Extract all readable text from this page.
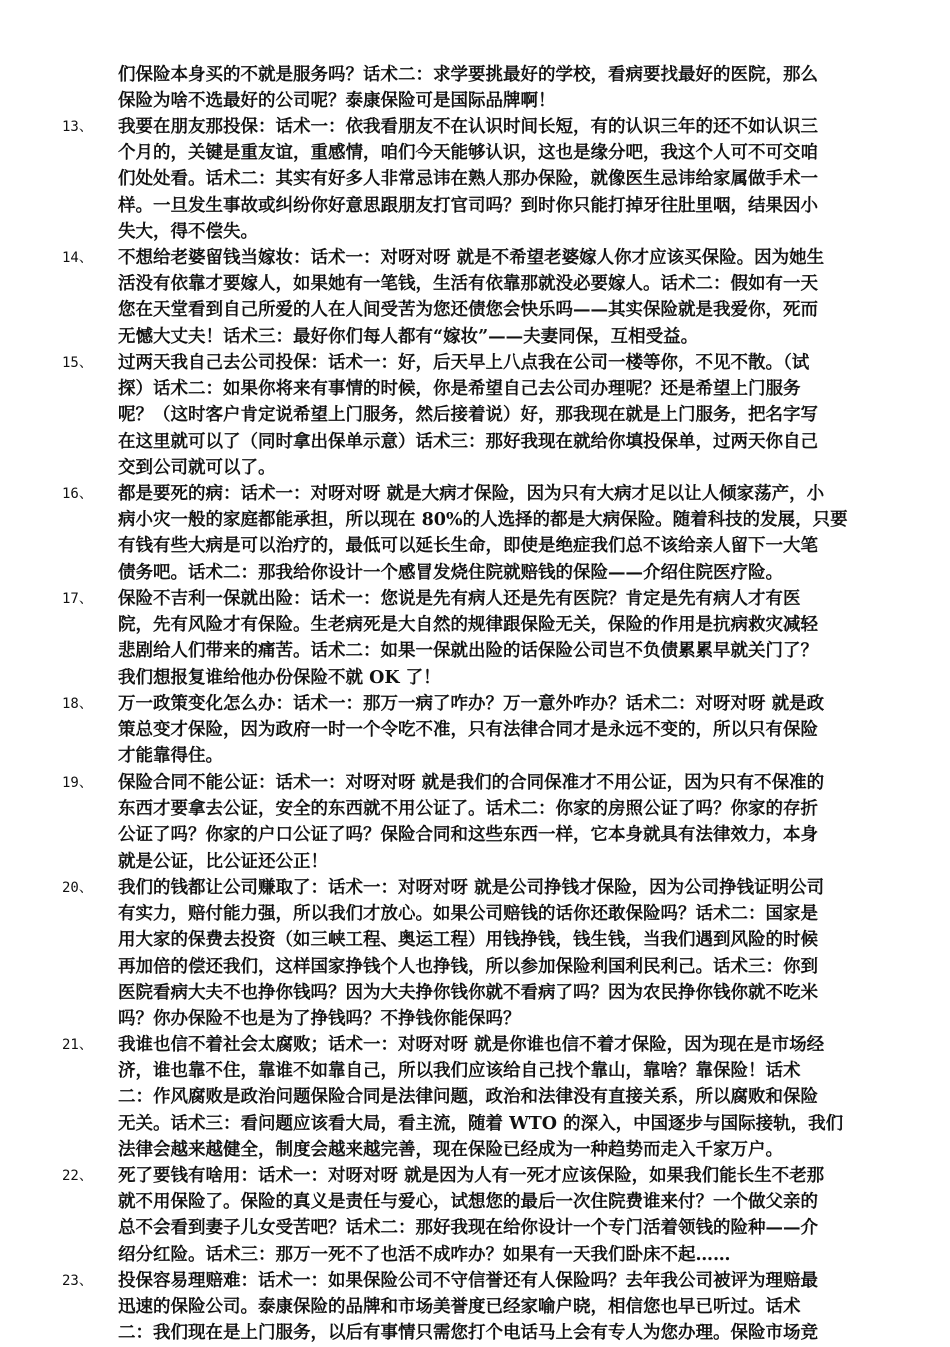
们保险本身买的不就是服务吗？话术二：求学要挑最好的学校，看病要找最好的医院，那么
保险为啥不选最好的公司呢？泰康保险可是国际品牌啊！
13、 我要在朋友那投保：话术一：依我看朋友不在认识时间长短，有的认识三年的还不如认识三
个月的，关键是重友谊，重感情，咱们今天能够认识，这也是缘分吧，我这个人可不可交咱
们处处看。话术二：其实有好多人非常忌讳在熟人那办保险，就像医生忌讳给家属做手术一
样。一旦发生事故或纠纷你好意思跟朋友打官司吗？到时你只能打掉牙往肚里咽，结果因小
失大，得不偿失。
14、 不想给老婆留钱当嫁妆：话术一：对呀对呀 就是不希望老婆嫁人你才应该买保险。因为她生
活没有依靠才要嫁人，如果她有一笔钱，生活有依靠那就没必要嫁人。话术二：假如有一天
您在天堂看到自己所爱的人在人间受苦为您还债您会快乐吗——其实保险就是我爱你，死而
无憾大丈夫！话术三：最好你们每人都有“嫁妆”——夫妻同保，互相受益。
15、 过两天我自己去公司投保：话术一：好，后天早上八点我在公司一楼等你，不见不散。（试
探）话术二：如果你将来有事情的时候，你是希望自己去公司办理呢？还是希望上门服务
呢？（这时客户肯定说希望上门服务，然后接着说）好，那我现在就是上门服务，把名字写
在这里就可以了（同时拿出保单示意）话术三：那好我现在就给你填投保单，过两天你自己
交到公司就可以了。
16、 都是要死的病：话术一：对呀对呀 就是大病才保险，因为只有大病才足以让人倾家荡产，小
病小灾一般的家庭都能承担，所以现在 80%的人选择的都是大病保险。随着科技的发展，只要
有钱有些大病是可以治疗的，最低可以延长生命，即使是绝症我们总不该给亲人留下一大笔
债务吧。话术二：那我给你设计一个感冒发烧住院就赔钱的保险——介绍住院医疗险。
17、 保险不吉利一保就出险：话术一：您说是先有病人还是先有医院？肯定是先有病人才有医
院，先有风险才有保险。生老病死是大自然的规律跟保险无关，保险的作用是抗病救灾减轻
悲剧给人们带来的痛苦。话术二：如果一保就出险的话保险公司岂不负债累累早就关门了？
我们想报复谁给他办份保险不就 OK 了！
18、 万一政策变化怎么办：话术一：那万一病了咋办？万一意外咋办？话术二：对呀对呀 就是政
策总变才保险，因为政府一时一个令吃不准，只有法律合同才是永远不变的，所以只有保险
才能靠得住。
19、 保险合同不能公证：话术一：对呀对呀 就是我们的合同保准才不用公证，因为只有不保准的
东西才要拿去公证，安全的东西就不用公证了。话术二：你家的房照公证了吗？你家的存折
公证了吗？你家的户口公证了吗？保险合同和这些东西一样，它本身就具有法律效力，本身
就是公证，比公证还公正！
20、 我们的钱都让公司赚取了：话术一：对呀对呀 就是公司挣钱才保险，因为公司挣钱证明公司
有实力，赔付能力强，所以我们才放心。如果公司赔钱的话你还敢保险吗？话术二：国家是
用大家的保费去投资（如三峡工程、奥运工程）用钱挣钱，钱生钱，当我们遇到风险的时候
再加倍的偿还我们，这样国家挣钱个人也挣钱，所以参加保险利国利民利己。话术三：你到
医院看病大夫不也挣你钱吗？因为大夫挣你钱你就不看病了吗？因为农民挣你钱你就不吃米
吗？你办保险不也是为了挣钱吗？不挣钱你能保吗？
21、 我谁也信不着社会太腐败；话术一：对呀对呀 就是你谁也信不着才保险，因为现在是市场经
济，谁也靠不住，靠谁不如靠自己，所以我们应该给自己找个靠山，靠啥？靠保险！话术
二：作风腐败是政治问题保险合同是法律问题，政治和法律没有直接关系，所以腐败和保险
无关。话术三：看问题应该看大局，看主流，随着 WTO 的深入，中国逐步与国际接轨，我们
法律会越来越健全，制度会越来越完善，现在保险已经成为一种趋势而走入千家万户。
22、 死了要钱有啥用：话术一：对呀对呀 就是因为人有一死才应该保险，如果我们能长生不老那
就不用保险了。保险的真义是责任与爱心，试想您的最后一次住院费谁来付？一个做父亲的
总不会看到妻子儿女受苦吧？话术二：那好我现在给你设计一个专门活着领钱的险种——介
绍分红险。话术三：那万一死不了也活不成咋办？如果有一天我们卧床不起……
23、 投保容易理赔难：话术一：如果保险公司不守信誉还有人保险吗？去年我公司被评为理赔最
迅速的保险公司。泰康保险的品牌和市场美誉度已经家喻户晓，相信您也早已听过。话术
二：我们现在是上门服务，以后有事情只需您打个电话马上会有专人为您办理。保险市场竞
